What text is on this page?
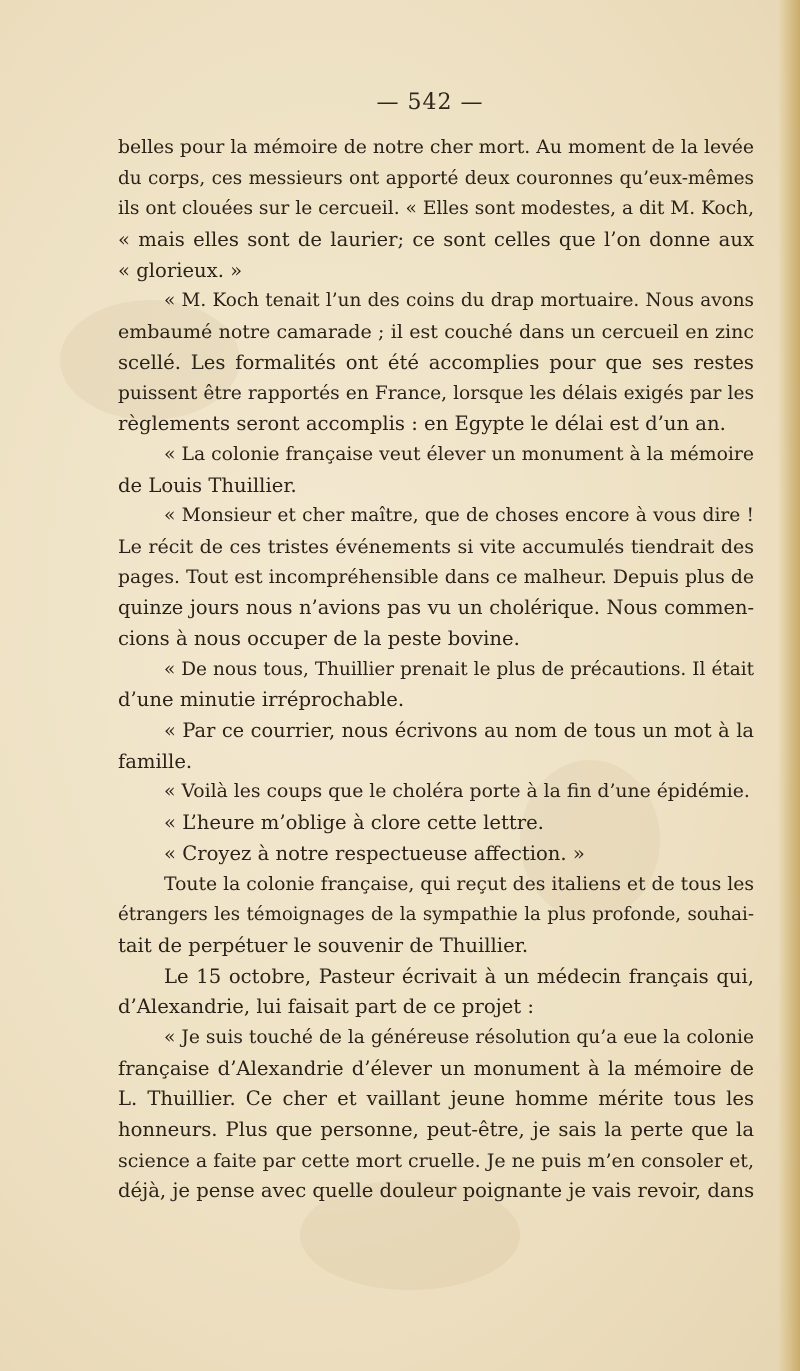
— 542 —
belles pour la mémoire de notre cher mort. Au moment de la levée
du corps, ces messieurs ont apporté deux couronnes qu’eux-mêmes
ils ont clouées sur le cercueil. « Elles sont modestes, a dit M. Koch,
« mais elles sont de laurier; ce sont celles que l’on donne aux
« glorieux. »
« M. Koch tenait l’un des coins du drap mortuaire. Nous avons
embaumé notre camarade ; il est couché dans un cercueil en zinc
scellé. Les formalités ont été accomplies pour que ses restes
puissent être rapportés en France, lorsque les délais exigés par les
règlements seront accomplis : en Egypte le délai est d’un an.
« La colonie française veut élever un monument à la mémoire
de Louis Thuillier.
« Monsieur et cher maître, que de choses encore à vous dire !
Le récit de ces tristes événements si vite accumulés tiendrait des
pages. Tout est incompréhensible dans ce malheur. Depuis plus de
quinze jours nous n’avions pas vu un cholérique. Nous commen-
cions à nous occuper de la peste bovine.
« De nous tous, Thuillier prenait le plus de précautions. Il était
d’une minutie irréprochable.
« Par ce courrier, nous écrivons au nom de tous un mot à la
famille.
« Voilà les coups que le choléra porte à la fin d’une épidémie.
« L’heure m’oblige à clore cette lettre.
« Croyez à notre respectueuse affection. »
Toute la colonie française, qui reçut des italiens et de tous les
étrangers les témoignages de la sympathie la plus profonde, souhai-
tait de perpétuer le souvenir de Thuillier.
Le 15 octobre, Pasteur écrivait à un médecin français qui,
d’Alexandrie, lui faisait part de ce projet :
« Je suis touché de la généreuse résolution qu’a eue la colonie
française d’Alexandrie d’élever un monument à la mémoire de
L. Thuillier. Ce cher et vaillant jeune homme mérite tous les
honneurs. Plus que personne, peut-être, je sais la perte que la
science a faite par cette mort cruelle. Je ne puis m’en consoler et,
déjà, je pense avec quelle douleur poignante je vais revoir, dans
